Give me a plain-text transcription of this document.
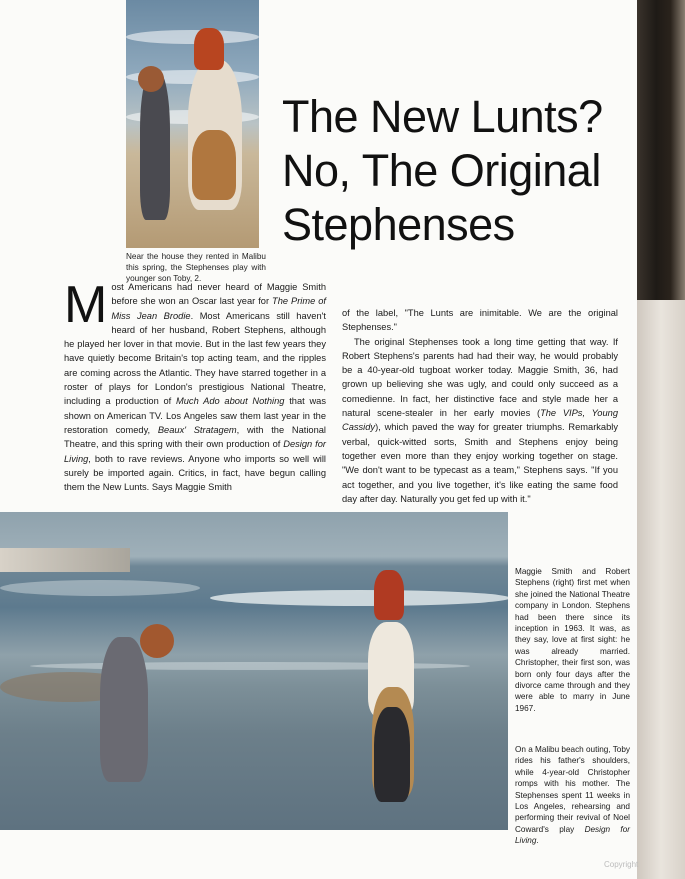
Near the house they rented in Malibu this spring, the Stephenses play with younger son Toby, 2.
The New Lunts? No, The Original Stephenses
M ost Americans had never heard of Maggie Smith before she won an Oscar last year for The Prime of Miss Jean Brodie. Most Americans still haven't heard of her husband, Robert Stephens, although he played her lover in that movie. But in the last few years they have quietly become Britain's top acting team, and the ripples are coming across the Atlantic. They have starred together in a roster of plays for London's prestigious National Theatre, including a production of Much Ado about Nothing that was shown on American TV. Los Angeles saw them last year in the restoration comedy, Beaux' Stratagem, with the National Theatre, and this spring with their own production of Design for Living, both to rave reviews. Anyone who imports so well will surely be imported again. Critics, in fact, have begun calling them the New Lunts. Says Maggie Smith

of the label, "The Lunts are inimitable. We are the original Stephenses."

The original Stephenses took a long time getting that way. If Robert Stephens's parents had had their way, he would probably be a 40-year-old tugboat worker today. Maggie Smith, 36, had grown up believing she was ugly, and could only succeed as a comedienne. In fact, her distinctive face and style made her a natural scene-stealer in her early movies (The VIPs, Young Cassidy), which paved the way for greater triumphs. Remarkably verbal, quick-witted sorts, Smith and Stephens enjoy being together even more than they enjoy working together on stage. "We don't want to be typecast as a team," Stephens says. "If you act together, and you live together, it's like eating the same food day after day. Naturally you get fed up with it."

Maggie Smith and Robert Stephens (right) first met when she joined the National Theatre company in London. Stephens had been there since its inception in 1963. It was, as they say, love at first sight: he was already married. Christopher, their first son, was born only four days after the divorce came through and they were able to marry in June 1967.
On a Malibu beach outing, Toby rides his father's shoulders, while 4-year-old Christopher romps with his mother. The Stephenses spent 11 weeks in Los Angeles, rehearsing and performing their revival of Noel Coward's play Design for Living.
Copyright
